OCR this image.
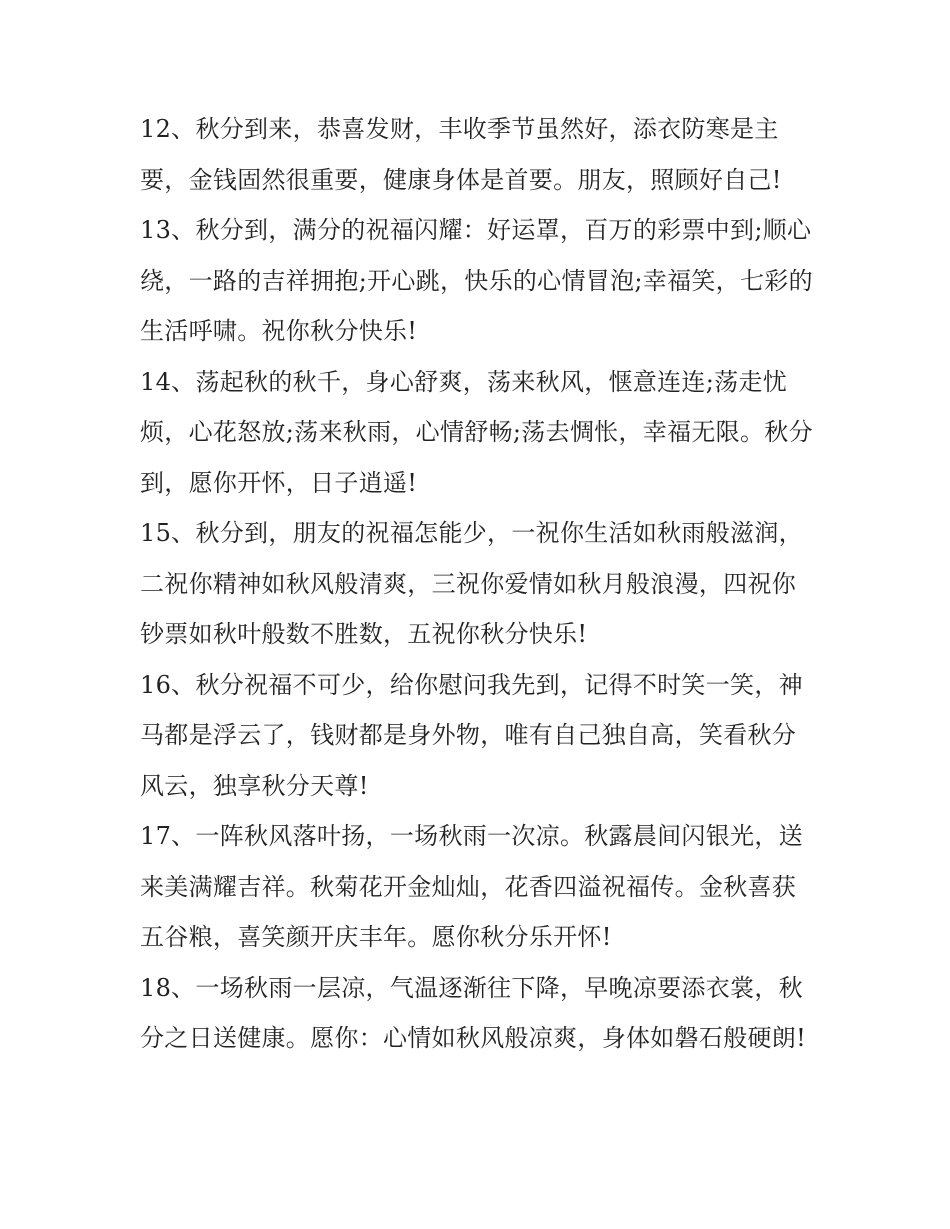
12、秋分到来，恭喜发财，丰收季节虽然好，添衣防寒是主要，金钱固然很重要，健康身体是首要。朋友，照顾好自己!

13、秋分到，满分的祝福闪耀：好运罩，百万的彩票中到;顺心绕，一路的吉祥拥抱;开心跳，快乐的心情冒泡;幸福笑，七彩的生活呼啸。祝你秋分快乐!

14、荡起秋的秋千，身心舒爽，荡来秋风，惬意连连;荡走忧烦，心花怒放;荡来秋雨，心情舒畅;荡去惆怅，幸福无限。秋分到，愿你开怀，日子逍遥!

15、秋分到，朋友的祝福怎能少，一祝你生活如秋雨般滋润，二祝你精神如秋风般清爽，三祝你爱情如秋月般浪漫，四祝你钞票如秋叶般数不胜数，五祝你秋分快乐!

16、秋分祝福不可少，给你慰问我先到，记得不时笑一笑，神马都是浮云了，钱财都是身外物，唯有自己独自高，笑看秋分风云，独享秋分天尊!

17、一阵秋风落叶扬，一场秋雨一次凉。秋露晨间闪银光，送来美满耀吉祥。秋菊花开金灿灿，花香四溢祝福传。金秋喜获五谷粮，喜笑颜开庆丰年。愿你秋分乐开怀!

18、一场秋雨一层凉，气温逐渐往下降，早晚凉要添衣裳，秋分之日送健康。愿你：心情如秋风般凉爽，身体如磐石般硬朗!
